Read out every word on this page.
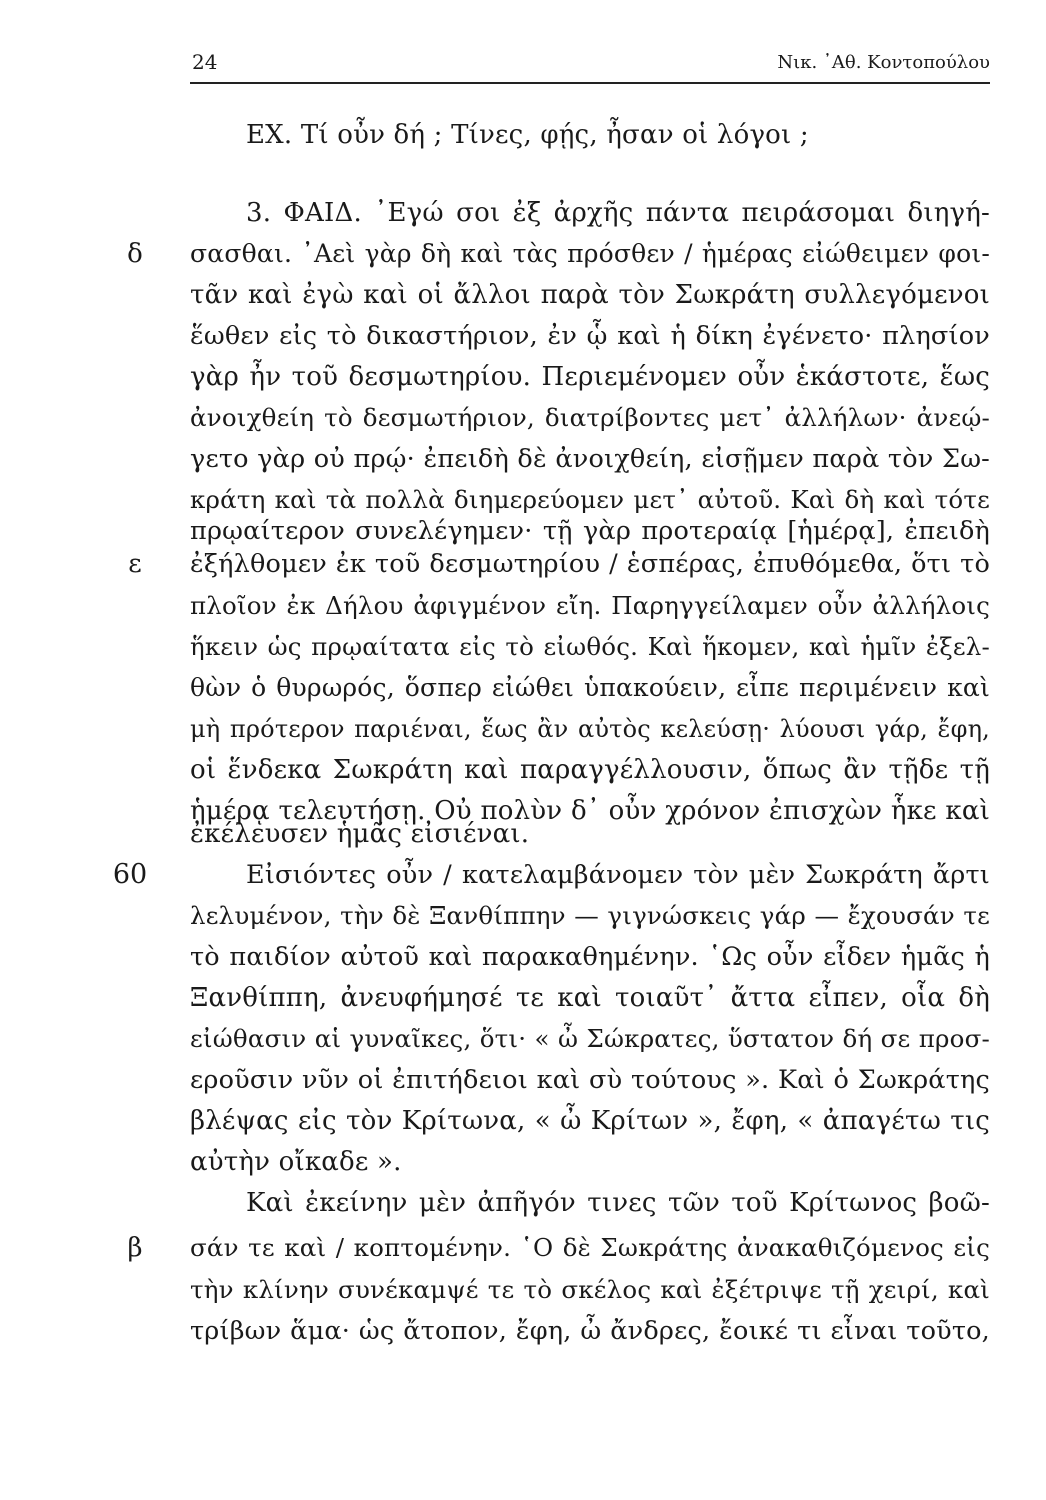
24	Νικ. ᾿Αθ. Κοντοπούλου
δ
ε
60
β
ΕΧ. Τί οὖν δή ; Τίνες, φῄς, ἦσαν οἱ λόγοι ;
3. ΦΑΙΔ. ᾿Εγώ σοι ἐξ ἀρχῆς πάντα πειράσομαι διηγή-
σασθαι. ᾿Αεὶ γὰρ δὴ καὶ τὰς πρόσθεν / ἡμέρας εἰώθειμεν φοι-
τᾶν καὶ ἐγὼ καὶ οἱ ἄλλοι παρὰ τὸν Σωκράτη συλλεγόμενοι
ἕωθεν εἰς τὸ δικαστήριον, ἐν ᾧ καὶ ἡ δίκη ἐγένετο· πλησίον
γὰρ ἦν τοῦ δεσμωτηρίου. Περιεμένομεν οὖν ἑκάστοτε, ἕως
ἀνοιχθείη τὸ δεσμωτήριον, διατρίβοντες μετ᾽ ἀλλήλων· ἀνεῴ-
γετο γὰρ οὐ πρῴ· ἐπειδὴ δὲ ἀνοιχθείη, εἰσῇμεν παρὰ τὸν Σω-
κράτη καὶ τὰ πολλὰ διημερεύομεν μετ᾽ αὐτοῦ. Καὶ δὴ καὶ τότε
πρῳαίτερον συνελέγημεν· τῇ γὰρ προτεραίᾳ [ἡμέρᾳ], ἐπειδὴ
ἐξήλθομεν ἐκ τοῦ δεσμωτηρίου / ἑσπέρας, ἐπυθόμεθα, ὅτι τὸ
πλοῖον ἐκ Δήλου ἀφιγμένον εἴη. Παρηγγείλαμεν οὖν ἀλλήλοις
ἥκειν ὡς πρῳαίτατα εἰς τὸ εἰωθός. Καὶ ἥκομεν, καὶ ἡμῖν ἐξελ-
θὼν ὁ θυρωρός, ὅσπερ εἰώθει ὑπακούειν, εἶπε περιμένειν καὶ
μὴ πρότερον παριέναι, ἕως ἂν αὐτὸς κελεύσῃ· λύουσι γάρ, ἔφη,
οἱ ἕνδεκα Σωκράτη καὶ παραγγέλλουσιν, ὅπως ἂν τῇδε τῇ
ἡμέρᾳ τελευτήσῃ. Οὐ πολὺν δ᾽ οὖν χρόνον ἐπισχὼν ἧκε καὶ
ἐκέλευσεν ἡμᾶς εἰσιέναι.
Εἰσιόντες οὖν / κατελαμβάνομεν τὸν μὲν Σωκράτη ἄρτι
λελυμένον, τὴν δὲ Ξανθίππην — γιγνώσκεις γάρ — ἔχουσάν τε
τὸ παιδίον αὐτοῦ καὶ παρακαθημένην. ῾Ως οὖν εἶδεν ἡμᾶς ἡ
Ξανθίππη, ἀνευφήμησέ τε καὶ τοιαῦτ᾽ ἄττα εἶπεν, οἷα δὴ
εἰώθασιν αἱ γυναῖκες, ὅτι· « ὦ Σώκρατες, ὕστατον δή σε προσ-
εροῦσιν νῦν οἱ ἐπιτήδειοι καὶ σὺ τούτους ». Καὶ ὁ Σωκράτης
βλέψας εἰς τὸν Κρίτωνα, « ὦ Κρίτων », ἔφη, « ἀπαγέτω τις
αὐτὴν οἴκαδε ».
Καὶ ἐκείνην μὲν ἀπῆγόν τινες τῶν τοῦ Κρίτωνος βοῶ-
σάν τε καὶ / κοπτομένην. ῾Ο δὲ Σωκράτης ἀνακαθιζόμενος εἰς
τὴν κλίνην συνέκαμψέ τε τὸ σκέλος καὶ ἐξέτριψε τῇ χειρί, καὶ
τρίβων ἅμα· ὡς ἄτοπον, ἔφη, ὦ ἄνδρες, ἔοικέ τι εἶναι τοῦτο,
